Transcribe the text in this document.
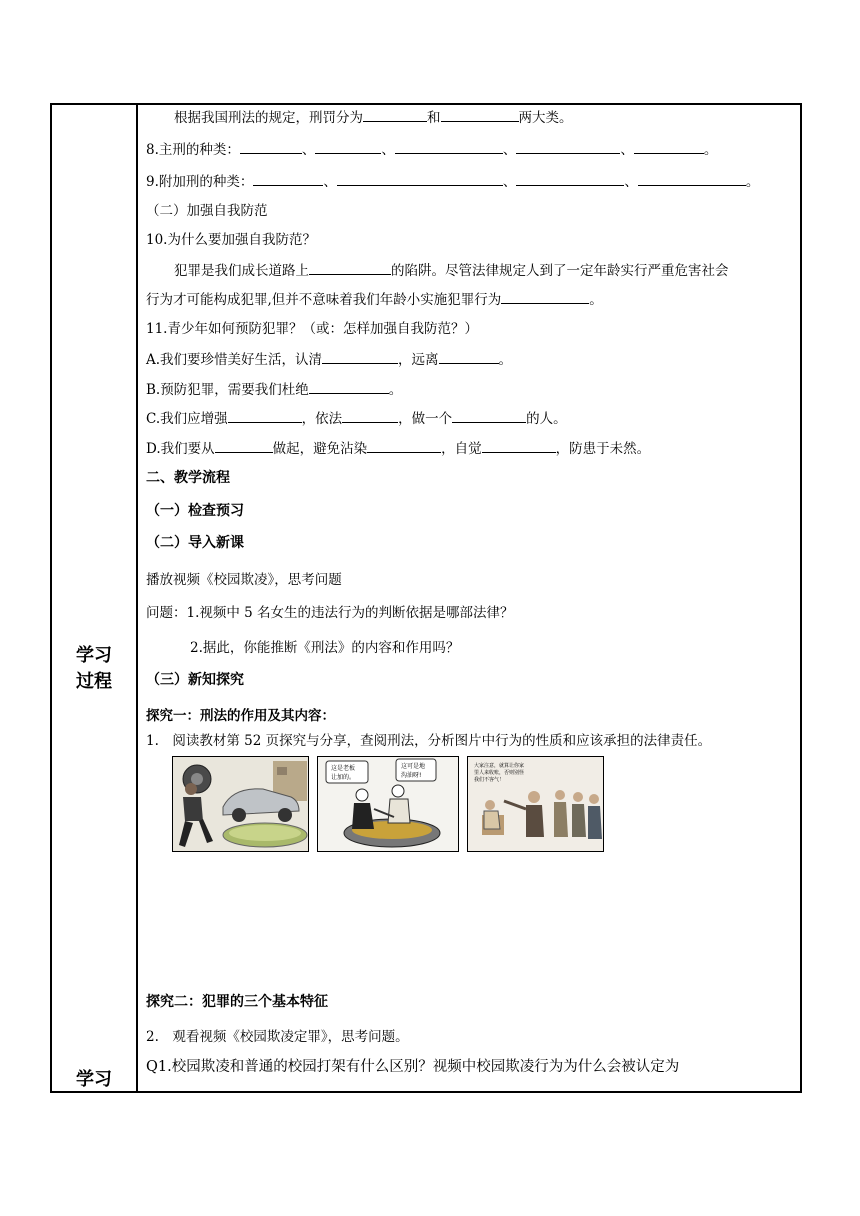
学习
过程
学习
根据我国刑法的规定，刑罚分为	和	两大类。
8.主刑的种类：	、	、	、	、	。
9.附加刑的种类：	、	、	、	。
（二）加强自我防范
10.为什么要加强自我防范？
犯罪是我们成长道路上	的陷阱。尽管法律规定人到了一定年龄实行严重危害社会
行为才可能构成犯罪,但并不意味着我们年龄小实施犯罪行为	。
11.青少年如何预防犯罪？（或：怎样加强自我防范？）
A.我们要珍惜美好生活，认清	，远离	。
B.预防犯罪，需要我们杜绝	。
C.我们应增强	，依法	，做一个	的人。
D.我们要从	做起，避免沾染	，自觉	，防患于未然。
二、教学流程
（一）检查预习
（二）导入新课
播放视频《校园欺凌》，思考问题
问题：1.视频中 5 名女生的违法行为的判断依据是哪部法律？
2.据此，你能推断《刑法》的内容和作用吗？
（三）新知探究
探究一：刑法的作用及其内容：
1.　阅读教材第 52 页探究与分享，查阅刑法，分析图片中行为的性质和应该承担的法律责任。
这是老板
让加的。
这可是地
沟油呀!
大家注意，就算让你家
里人来收账，否则别怪
我们不客气！
探究二：犯罪的三个基本特征
2.　观看视频《校园欺凌定罪》，思考问题。
Q1.校园欺凌和普通的校园打架有什么区别？视频中校园欺凌行为为什么会被认定为
